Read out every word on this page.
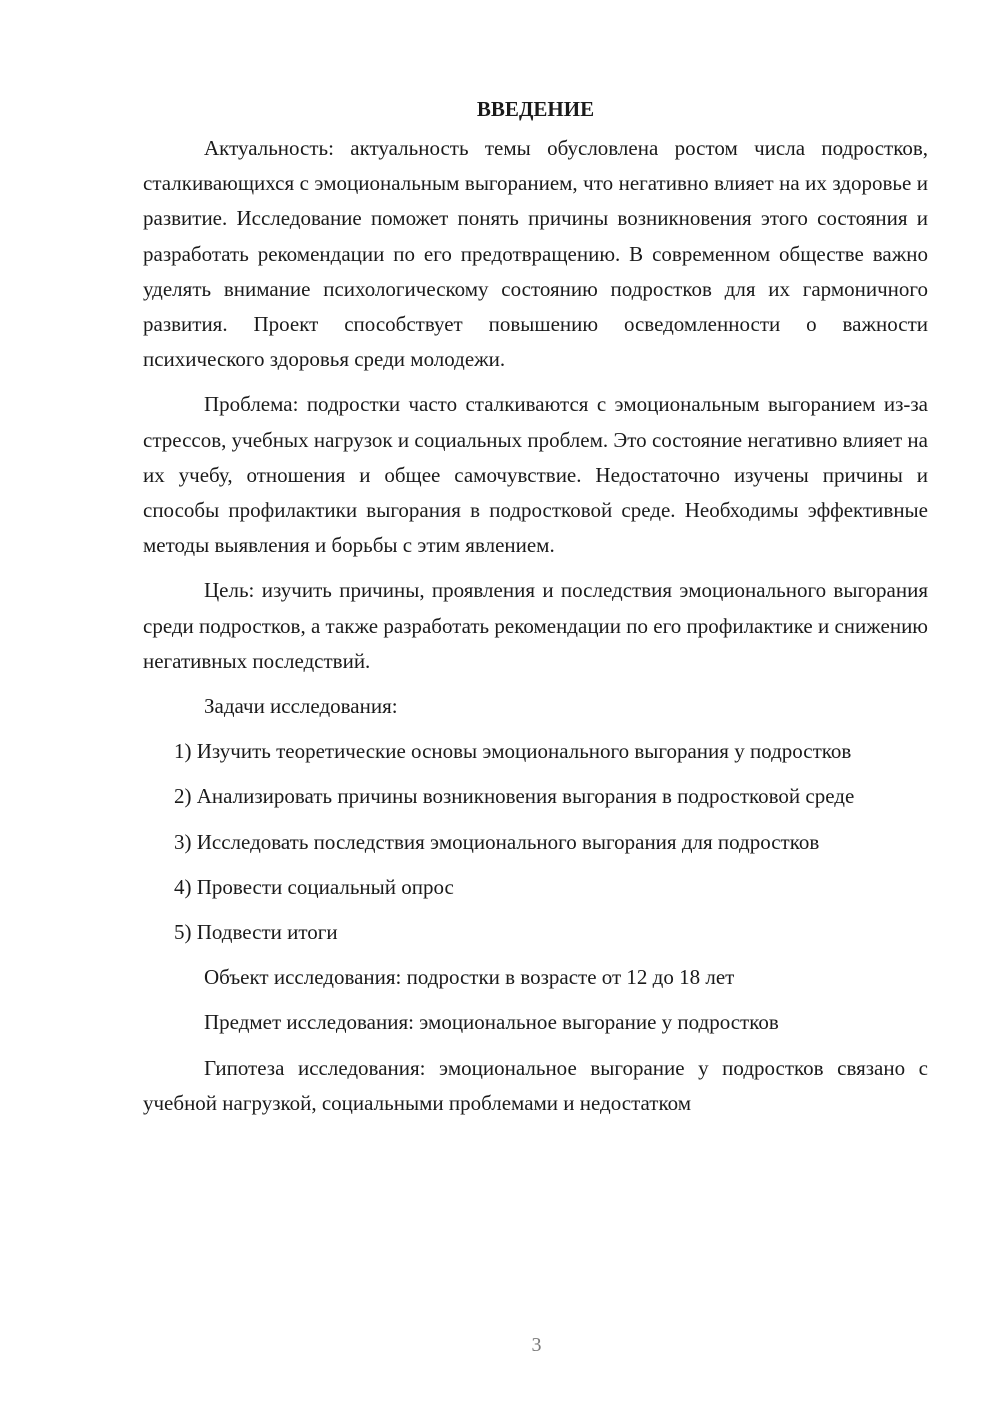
ВВЕДЕНИЕ

Актуальность: актуальность темы обусловлена ростом числа подростков, сталкивающихся с эмоциональным выгоранием, что негативно влияет на их здоровье и развитие. Исследование поможет понять причины возникновения этого состояния и разработать рекомендации по его предотвращению. В современном обществе важно уделять внимание психологическому состоянию подростков для их гармоничного развития. Проект способствует повышению осведомленности о важности психического здоровья среди молодежи.

Проблема: подростки часто сталкиваются с эмоциональным выгоранием из-за стрессов, учебных нагрузок и социальных проблем. Это состояние негативно влияет на их учебу, отношения и общее самочувствие. Недостаточно изучены причины и способы профилактики выгорания в подростковой среде. Необходимы эффективные методы выявления и борьбы с этим явлением.

Цель: изучить причины, проявления и последствия эмоционального выгорания среди подростков, а также разработать рекомендации по его профилактике и снижению негативных последствий.

Задачи исследования:

1) Изучить теоретические основы эмоционального выгорания у подростков

2) Анализировать причины возникновения выгорания в подростковой среде

3) Исследовать последствия эмоционального выгорания для подростков

4) Провести социальный опрос

5) Подвести итоги

Объект исследования: подростки в возрасте от 12 до 18 лет

Предмет исследования: эмоциональное выгорание у подростков

Гипотеза исследования: эмоциональное выгорание у подростков связано с учебной нагрузкой, социальными проблемами и недостатком

3
